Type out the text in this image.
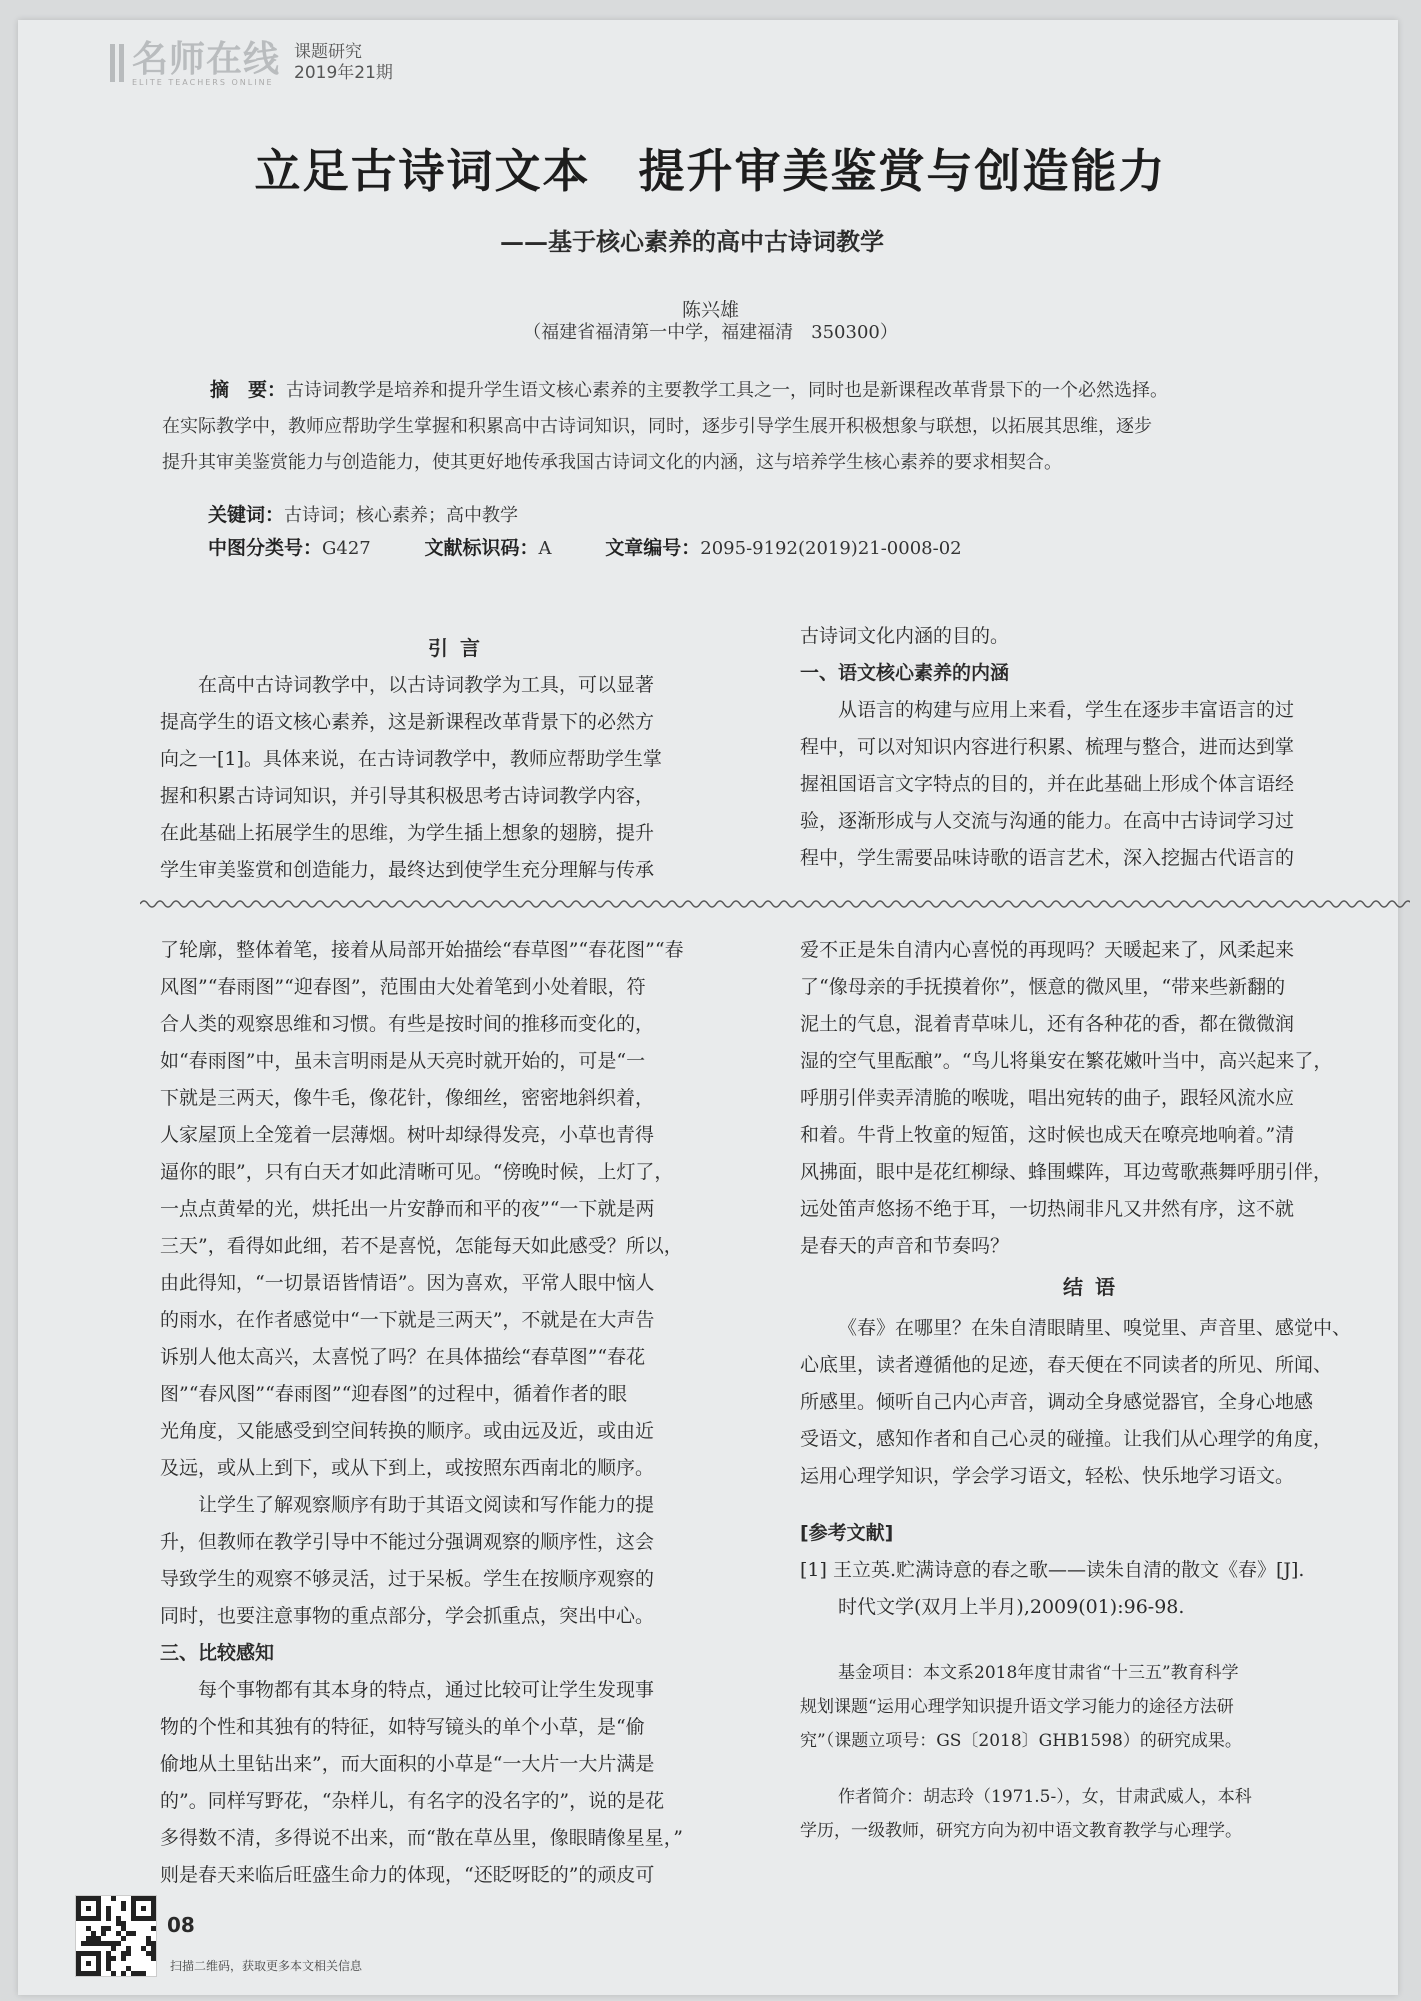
名师在线
ELITE TEACHERS ONLINE
课题研究
2019年21期
立足古诗词文本　提升审美鉴赏与创造能力
——基于核心素养的高中古诗词教学
陈兴雄
（福建省福清第一中学，福建福清　350300）
摘　要：古诗词教学是培养和提升学生语文核心素养的主要教学工具之一，同时也是新课程改革背景下的一个必然选择。
在实际教学中，教师应帮助学生掌握和积累高中古诗词知识，同时，逐步引导学生展开积极想象与联想，以拓展其思维，逐步
提升其审美鉴赏能力与创造能力，使其更好地传承我国古诗词文化的内涵，这与培养学生核心素养的要求相契合。
关键词：古诗词；核心素养；高中教学
中图分类号：G427	文献标识码：A	文章编号：2095-9192(2019)21-0008-02
引言

在高中古诗词教学中，以古诗词教学为工具，可以显著

提高学生的语文核心素养，这是新课程改革背景下的必然方

向之一[1]。具体来说，在古诗词教学中，教师应帮助学生掌

握和积累古诗词知识，并引导其积极思考古诗词教学内容，

在此基础上拓展学生的思维，为学生插上想象的翅膀，提升

学生审美鉴赏和创造能力，最终达到使学生充分理解与传承

古诗词文化内涵的目的。

一、语文核心素养的内涵

从语言的构建与应用上来看，学生在逐步丰富语言的过

程中，可以对知识内容进行积累、梳理与整合，进而达到掌

握祖国语言文字特点的目的，并在此基础上形成个体言语经

验，逐渐形成与人交流与沟通的能力。在高中古诗词学习过

程中，学生需要品味诗歌的语言艺术，深入挖掘古代语言的

了轮廓，整体着笔，接着从局部开始描绘“春草图”“春花图”“春

风图”“春雨图”“迎春图”，范围由大处着笔到小处着眼，符

合人类的观察思维和习惯。有些是按时间的推移而变化的，

如“春雨图”中，虽未言明雨是从天亮时就开始的，可是“一

下就是三两天，像牛毛，像花针，像细丝，密密地斜织着，

人家屋顶上全笼着一层薄烟。树叶却绿得发亮，小草也青得

逼你的眼”，只有白天才如此清晰可见。“傍晚时候，上灯了，

一点点黄晕的光，烘托出一片安静而和平的夜”“一下就是两

三天”，看得如此细，若不是喜悦，怎能每天如此感受？所以，

由此得知，“一切景语皆情语”。因为喜欢，平常人眼中恼人

的雨水，在作者感觉中“一下就是三两天”，不就是在大声告

诉别人他太高兴，太喜悦了吗？在具体描绘“春草图”“春花

图”“春风图”“春雨图”“迎春图”的过程中，循着作者的眼

光角度，又能感受到空间转换的顺序。或由远及近，或由近

及远，或从上到下，或从下到上，或按照东西南北的顺序。

让学生了解观察顺序有助于其语文阅读和写作能力的提

升，但教师在教学引导中不能过分强调观察的顺序性，这会

导致学生的观察不够灵活，过于呆板。学生在按顺序观察的

同时，也要注意事物的重点部分，学会抓重点，突出中心。

三、比较感知

每个事物都有其本身的特点，通过比较可让学生发现事

物的个性和其独有的特征，如特写镜头的单个小草，是“偷

偷地从土里钻出来”，而大面积的小草是“一大片一大片满是

的”。同样写野花，“杂样儿，有名字的没名字的”，说的是花

多得数不清，多得说不出来，而“散在草丛里，像眼睛像星星，”

则是春天来临后旺盛生命力的体现，“还眨呀眨的”的顽皮可

爱不正是朱自清内心喜悦的再现吗？天暖起来了，风柔起来

了“像母亲的手抚摸着你”，惬意的微风里，“带来些新翻的

泥土的气息，混着青草味儿，还有各种花的香，都在微微润

湿的空气里酝酿”。“鸟儿将巢安在繁花嫩叶当中，高兴起来了，

呼朋引伴卖弄清脆的喉咙，唱出宛转的曲子，跟轻风流水应

和着。牛背上牧童的短笛，这时候也成天在嘹亮地响着。”清

风拂面，眼中是花红柳绿、蜂围蝶阵，耳边莺歌燕舞呼朋引伴，

远处笛声悠扬不绝于耳，一切热闹非凡又井然有序，这不就

是春天的声音和节奏吗？

结语

《春》在哪里？在朱自清眼睛里、嗅觉里、声音里、感觉中、

心底里，读者遵循他的足迹，春天便在不同读者的所见、所闻、

所感里。倾听自己内心声音，调动全身感觉器官，全身心地感

受语文，感知作者和自己心灵的碰撞。让我们从心理学的角度，

运用心理学知识，学会学习语文，轻松、快乐地学习语文。

[参考文献]

[1] 王立英.贮满诗意的春之歌——读朱自清的散文《春》[J].

　　时代文学(双月上半月),2009(01):96-98.

基金项目：本文系2018年度甘肃省“十三五”教育科学

规划课题“运用心理学知识提升语文学习能力的途径方法研

究”（课题立项号：GS〔2018〕GHB1598）的研究成果。

作者简介：胡志玲（1971.5-），女，甘肃武威人，本科

学历，一级教师，研究方向为初中语文教育教学与心理学。

08
扫描二维码，获取更多本文相关信息
